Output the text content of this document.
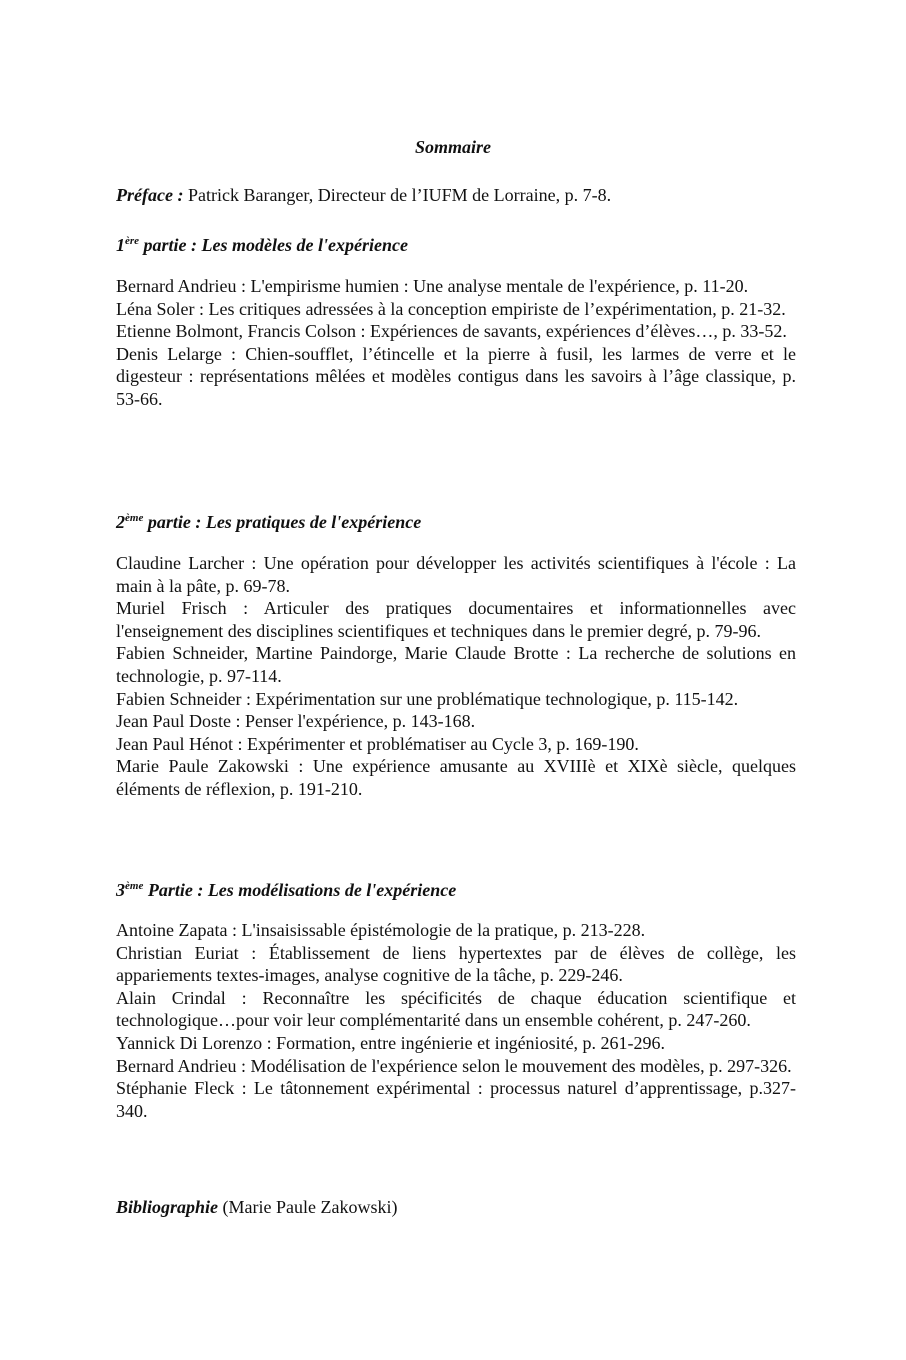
Sommaire
Préface : Patrick Baranger, Directeur de l’IUFM de Lorraine, p. 7-8.
1ère partie : Les modèles de l'expérience

Bernard Andrieu : L'empirisme humien : Une analyse mentale de l'expérience, p. 11-20.

Léna Soler : Les critiques adressées à la conception empiriste de l’expérimentation, p. 21-32.

Etienne Bolmont, Francis Colson : Expériences de savants, expériences d’élèves…, p. 33-52.

Denis Lelarge : Chien-soufflet, l’étincelle et la pierre à fusil, les larmes de verre et le digesteur : représentations mêlées et modèles contigus dans les savoirs à l’âge classique, p. 53-66.

2ème partie : Les pratiques de l'expérience

Claudine Larcher : Une opération pour développer les activités scientifiques à l'école : La main à la pâte, p. 69-78.

Muriel Frisch : Articuler des pratiques documentaires et informationnelles avec l'enseignement des disciplines scientifiques et techniques dans le premier degré, p. 79-96.

Fabien Schneider, Martine Paindorge, Marie Claude Brotte : La recherche de solutions en technologie, p. 97-114.

Fabien Schneider : Expérimentation sur une problématique technologique, p. 115-142.

Jean Paul Doste : Penser l'expérience, p. 143-168.

Jean Paul Hénot : Expérimenter et problématiser au Cycle 3, p. 169-190.

Marie Paule Zakowski : Une expérience amusante au XVIIIè et XIXè siècle, quelques éléments de réflexion, p. 191-210.

3ème Partie : Les modélisations de l'expérience

Antoine Zapata : L'insaisissable épistémologie de la pratique, p. 213-228.

Christian Euriat : Établissement de liens hypertextes par de élèves de collège, les appariements textes-images, analyse cognitive de la tâche, p. 229-246.

Alain Crindal : Reconnaître les spécificités de chaque éducation scientifique et technologique…pour voir leur complémentarité dans un ensemble cohérent, p. 247-260.

Yannick Di Lorenzo : Formation, entre ingénierie et ingéniosité, p. 261-296.

Bernard Andrieu : Modélisation de l'expérience selon le mouvement des modèles, p. 297-326.

Stéphanie Fleck : Le tâtonnement expérimental : processus naturel d’apprentissage, p.327-340.

Bibliographie (Marie Paule Zakowski)
